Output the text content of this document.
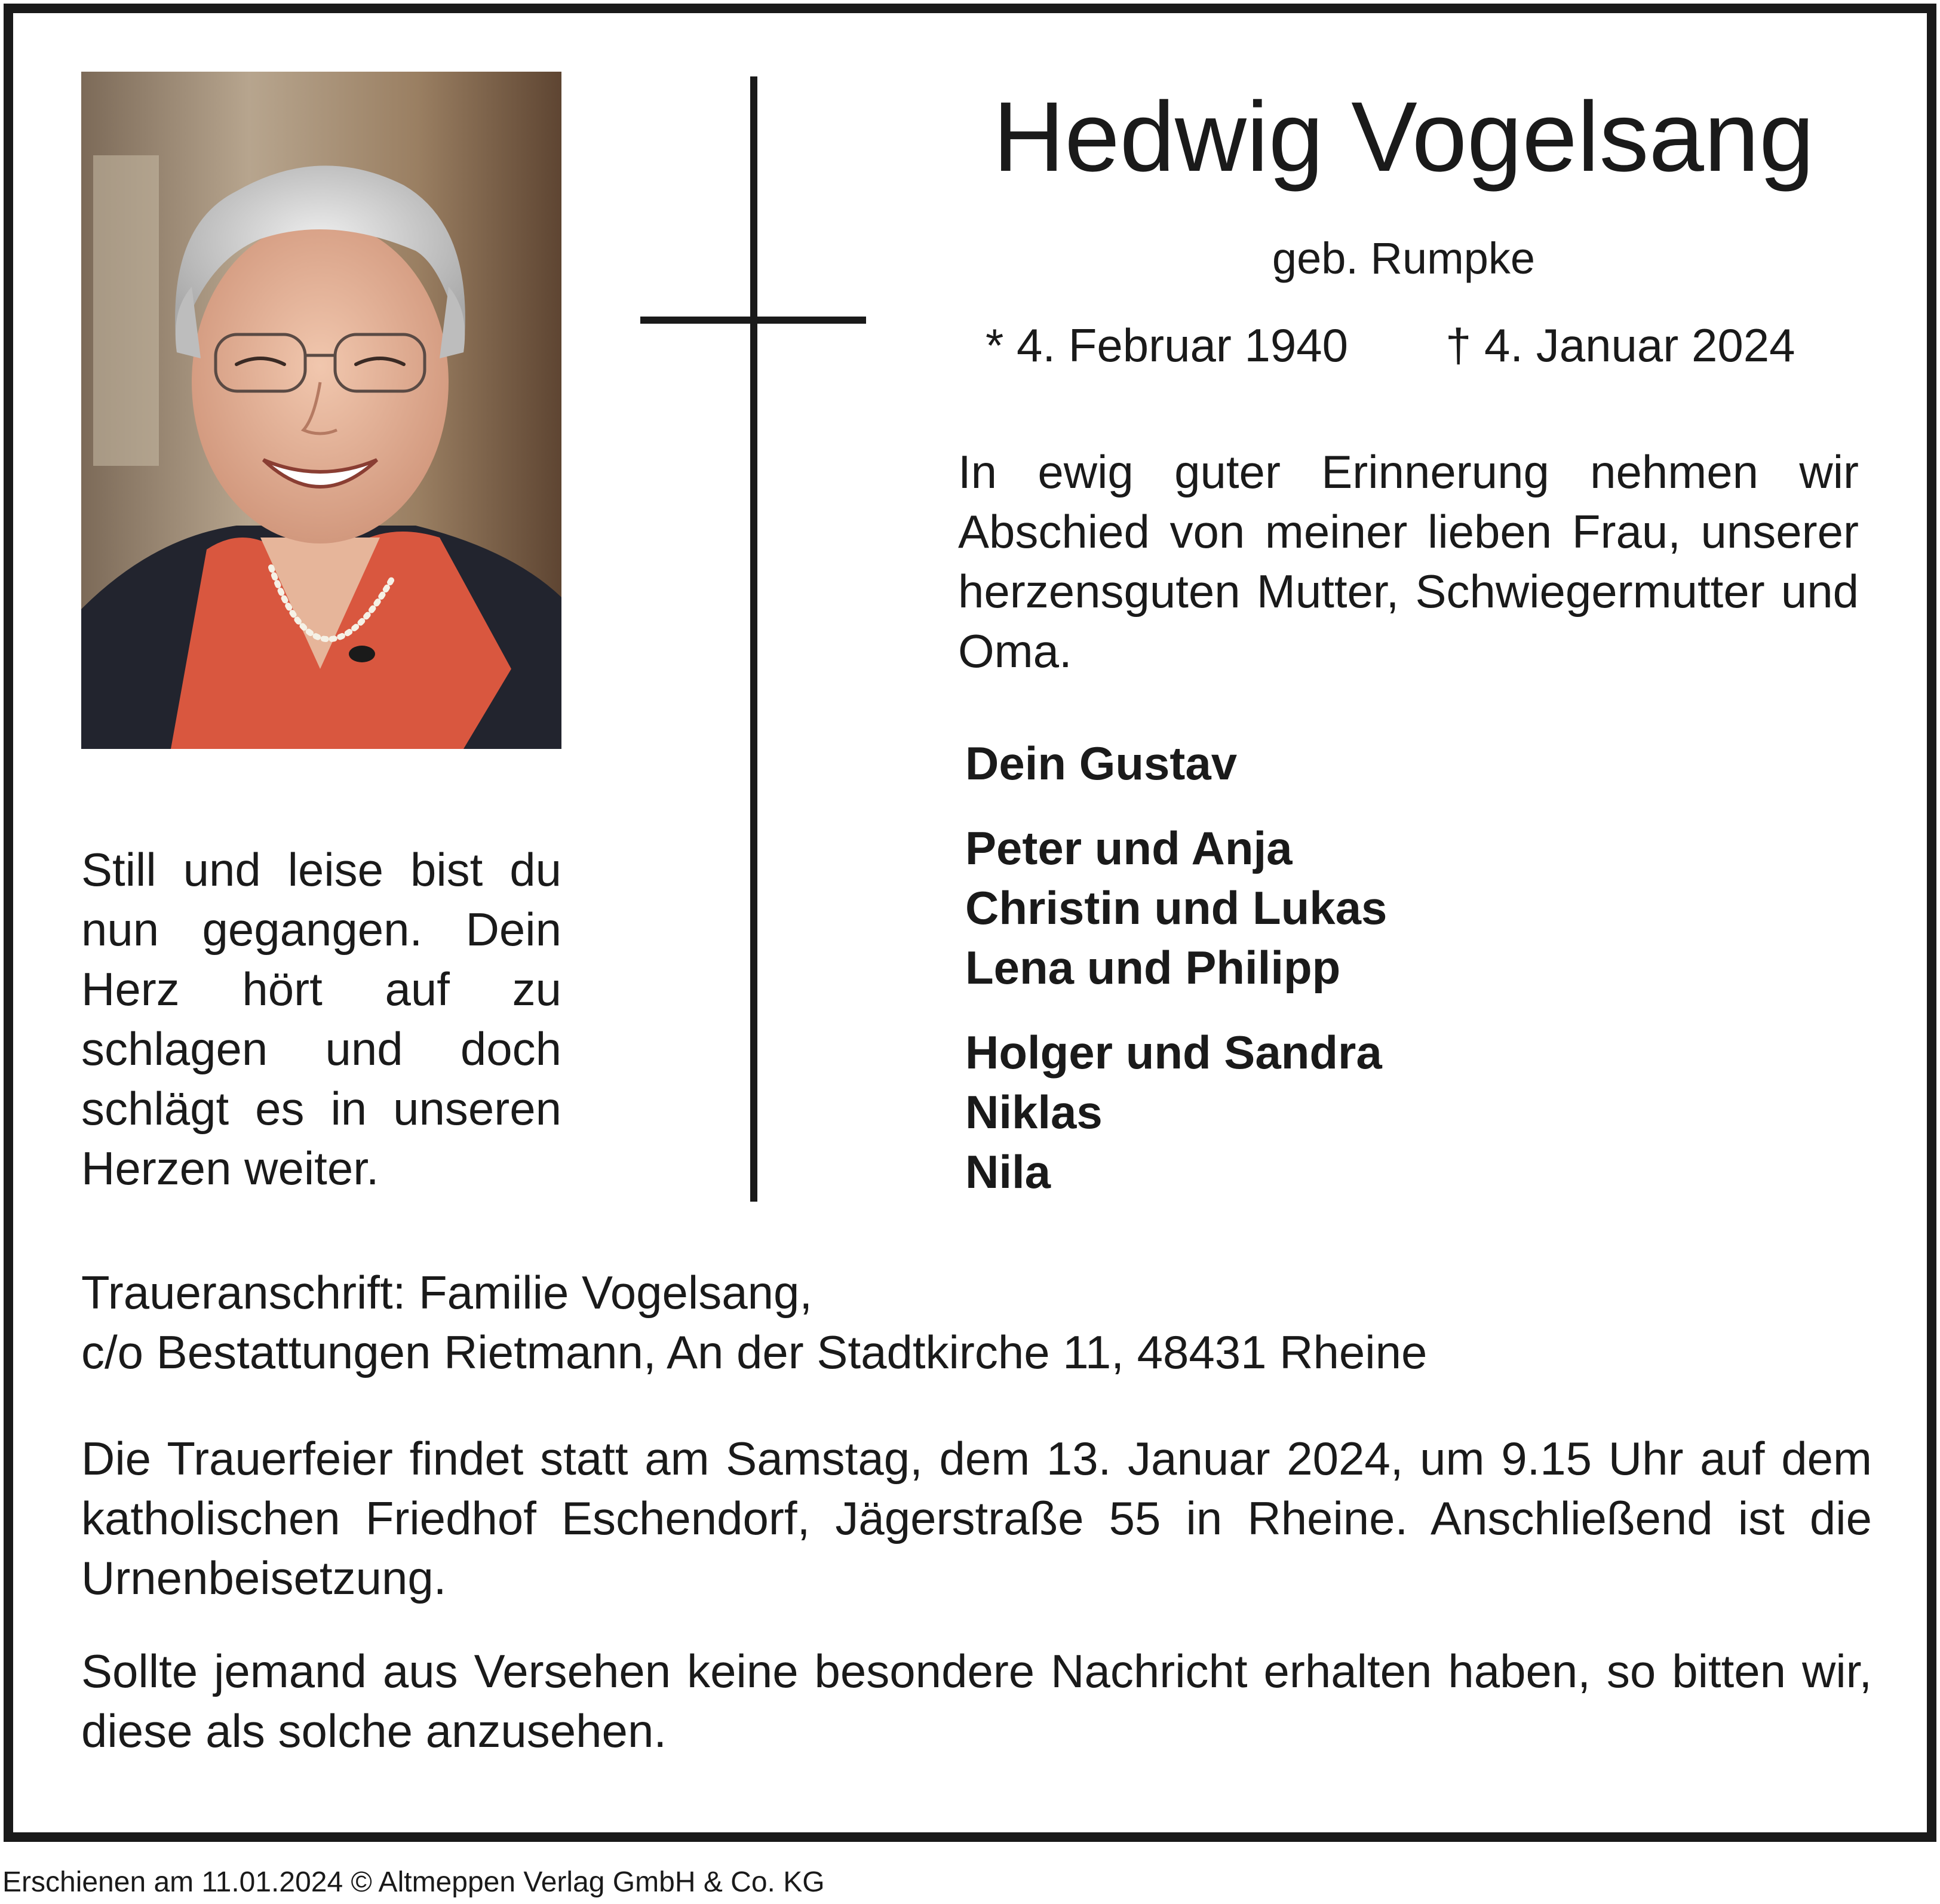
Hedwig Vogelsang
geb. Rumpke
* 4. Februar 1940 † 4. Januar 2024

In ewig guter Erinnerung nehmen wir Abschied von meiner lieben Frau, unserer herzensguten Mutter, Schwiegermutter und Oma.

Dein Gustav
Peter und Anja
Christin und Lukas
Lena und Philipp
Holger und Sandra
Niklas
Nila

Still und leise bist du nun gegangen. Dein Herz hört auf zu schlagen und doch schlägt es in unseren Herzen weiter.

Traueranschrift: Familie Vogelsang,
c/o Bestattungen Rietmann, An der Stadtkirche 11, 48431 Rheine

Die Trauerfeier findet statt am Samstag, dem 13. Januar 2024, um 9.15 Uhr auf dem katholischen Friedhof Eschendorf, Jägerstraße 55 in Rheine. Anschließend ist die Urnenbeisetzung.

Sollte jemand aus Versehen keine besondere Nachricht erhalten haben, so bitten wir, diese als solche anzusehen.

Erschienen am 11.01.2024 © Altmeppen Verlag GmbH & Co. KG
